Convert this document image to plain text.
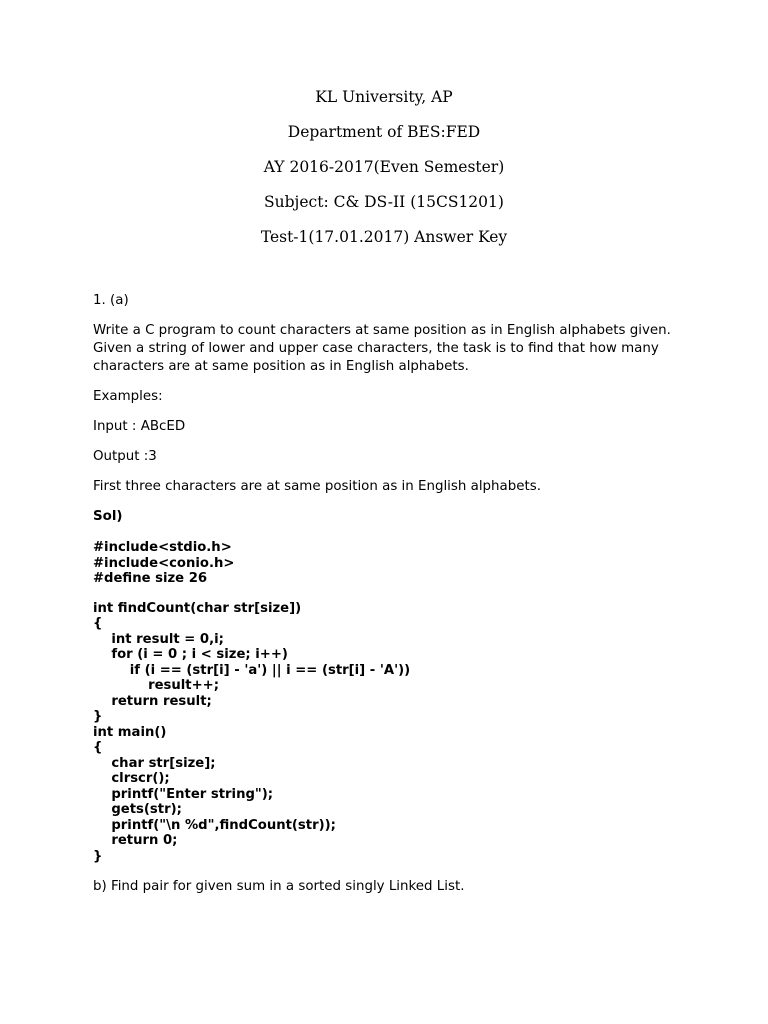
KL University, AP
Department of BES:FED
AY 2016-2017(Even Semester)
Subject: C& DS-II (15CS1201)
Test-1(17.01.2017) Answer Key

1. (a)

Write a C program to count characters at same position as in English alphabets given. Given a string of lower and upper case characters, the task is to find that how many characters are at same position as in English alphabets.

Examples:

Input : ABcED

Output :3

First three characters are at same position as in English alphabets.

Sol)

#include<stdio.h>
#include<conio.h>
#define size 26
int findCount(char str[size])
{
int result = 0,i;
for (i = 0 ; i < size; i++)
if (i == (str[i] - 'a') || i == (str[i] - 'A'))
result++;
return result;
}
int main()
{
char str[size];
clrscr();
printf("Enter string");
gets(str);
printf("\n %d",findCount(str));
return 0;
}

b) Find pair for given sum in a sorted singly Linked List.
